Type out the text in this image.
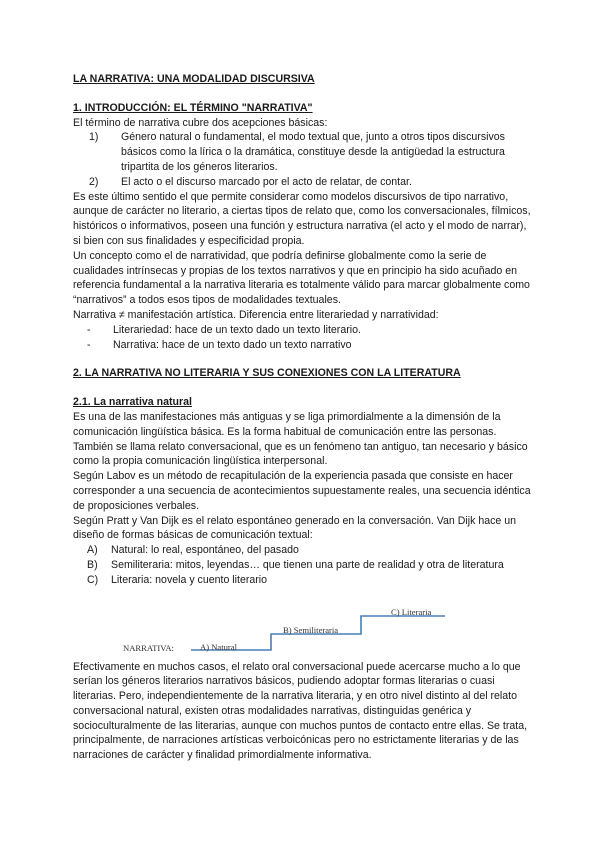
LA NARRATIVA: UNA MODALIDAD DISCURSIVA

1. INTRODUCCIÓN: EL TÉRMINO "NARRATIVA"

El término de narrativa cubre dos acepciones básicas:

1)	Género natural o fundamental, el modo textual que, junto a otros tipos discursivos básicos como la lírica o la dramática, constituye desde la antigüedad la estructura tripartita de los géneros literarios.
2)	El acto o el discurso marcado por el acto de relatar, de contar.

Es este último sentido el que permite considerar como modelos discursivos de tipo narrativo, aunque de carácter no literario, a ciertas tipos de relato que, como los conversacionales, fílmicos, históricos o informativos, poseen una función y estructura narrativa (el acto y el modo de narrar), si bien con sus finalidades y especificidad propia.

Un concepto como el de narratividad, que podría definirse globalmente como la serie de cualidades intrínsecas y propias de los textos narrativos y que en principio ha sido acuñado en referencia fundamental a la narrativa literaria es totalmente válido para marcar globalmente como “narrativos” a todos esos tipos de modalidades textuales.

Narrativa ≠ manifestación artística. Diferencia entre literariedad y narratividad:

-	Literariedad: hace de un texto dado un texto literario.
-	Narrativa: hace de un texto dado un texto narrativo

2. LA NARRATIVA NO LITERARIA Y SUS CONEXIONES CON LA LITERATURA

2.1. La narrativa natural

Es una de las manifestaciones más antiguas y se liga primordialmente a la dimensión de la comunicación lingüística básica. Es la forma habitual de comunicación entre las personas. También se llama relato conversacional, que es un fenómeno tan antiguo, tan necesario y básico como la propia comunicación lingüística interpersonal.

Según Labov es un método de recapitulación de la experiencia pasada que consiste en hacer corresponder a una secuencia de acontecimientos supuestamente reales, una secuencia idéntica de proposiciones verbales.

Según Pratt y Van Dijk es el relato espontáneo generado en la conversación. Van Dijk hace un diseño de formas básicas de comunicación textual:

A)	Natural: lo real, espontáneo, del pasado
B)	Semiliteraria: mitos, leyendas… que tienen una parte de realidad y otra de literatura
C)	Literaria: novela y cuento literario
NARRATIVA:	A) Natural
B) Semiliteraria
C) Literaria

Efectivamente en muchos casos, el relato oral conversacional puede acercarse mucho a lo que serían los géneros literarios narrativos básicos, pudiendo adoptar formas literarias o cuasi literarias. Pero, independientemente de la narrativa literaria, y en otro nivel distinto al del relato conversacional natural, existen otras modalidades narrativas, distinguidas genérica y socioculturalmente de las literarias, aunque con muchos puntos de contacto entre ellas. Se trata, principalmente, de narraciones artísticas verboicónicas pero no estrictamente literarias y de las narraciones de carácter y finalidad primordialmente informativa.
